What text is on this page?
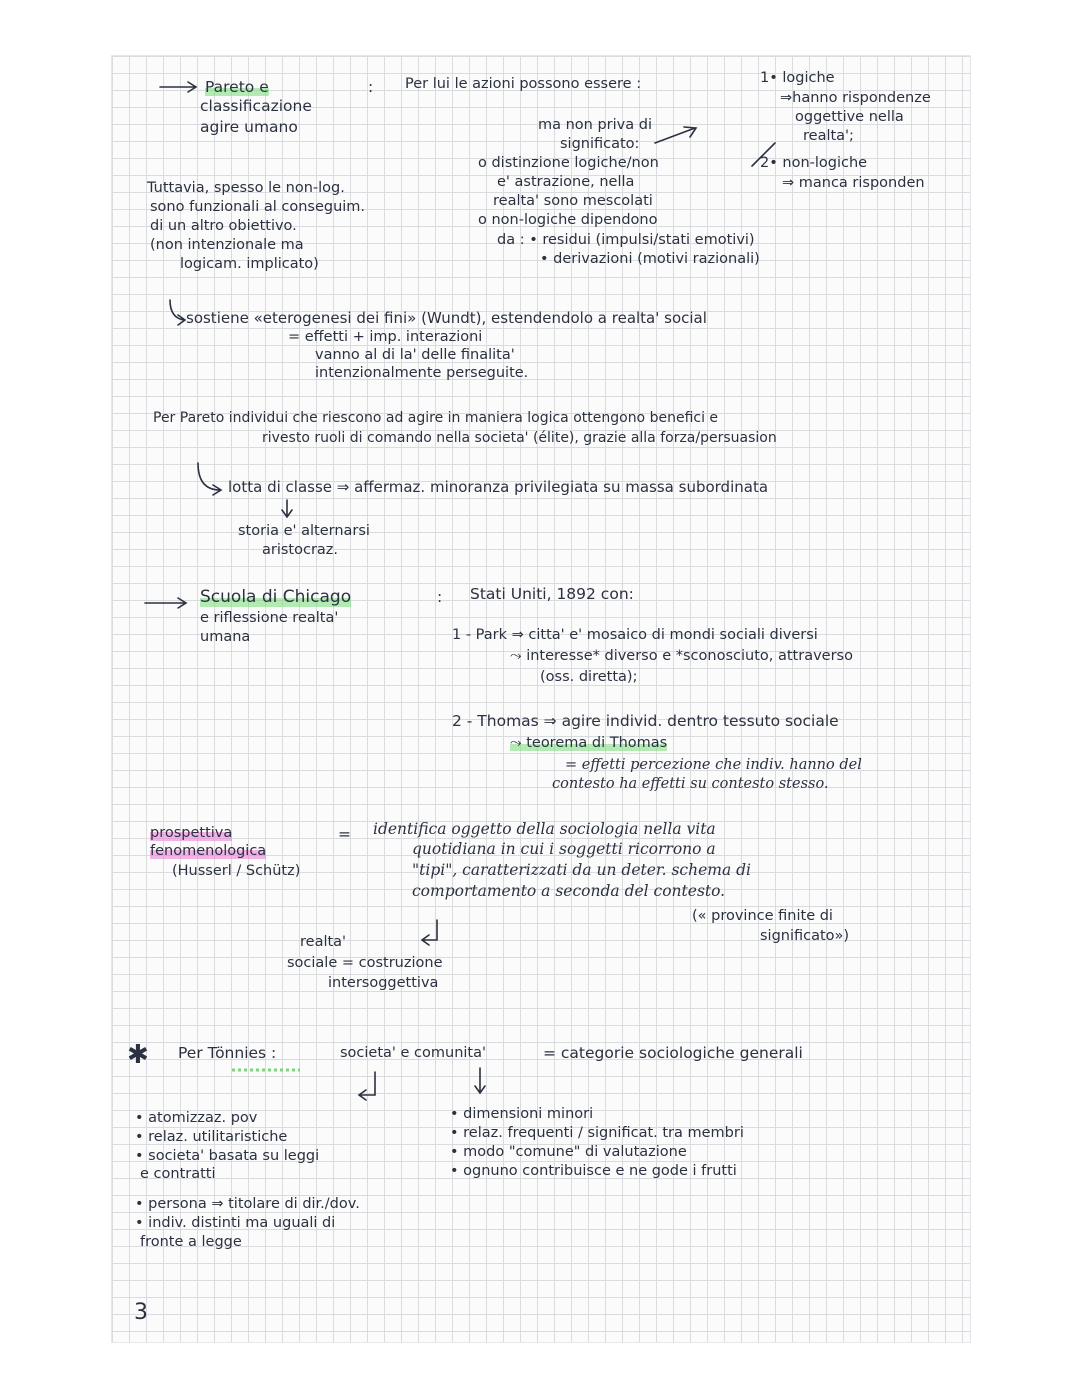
Pareto e
classificazione
agire umano
: Per lui le azioni possono essere :	1• logiche
⇒hanno rispondenze
oggettive nella
realta';
2• non-logiche
⇒ manca risponden
ma non priva di
significato:
o distinzione logiche/non
e' astrazione, nella
realta' sono mescolati
o non-logiche dipendono
da : • residui (impulsi/stati emotivi)
• derivazioni (motivi razionali)
Tuttavia, spesso le non-log.
sono funzionali al conseguim.
di un altro obiettivo.
(non intenzionale ma
logicam. implicato)
sostiene «eterogenesi dei fini» (Wundt), estendendolo a realta' social
= effetti + imp. interazioni
vanno al di la' delle finalita'
intenzionalmente perseguite.
Per Pareto individui che riescono ad agire in maniera logica ottengono benefici e
rivesto ruoli di comando nella societa' (élite), grazie alla forza/persuasion
lotta di classe ⇒ affermaz. minoranza privilegiata su massa subordinata
storia e' alternarsi
aristocraz.
Scuola di Chicago
e riflessione realta'
umana
: Stati Uniti, 1892 con:
1 - Park ⇒ citta' e' mosaico di mondi sociali diversi
⤳ interesse* diverso e *sconosciuto, attraverso
(oss. diretta);
2 - Thomas ⇒ agire individ. dentro tessuto sociale
⤳ teorema di Thomas
= effetti percezione che indiv. hanno del
contesto ha effetti su contesto stesso.
prospettiva
fenomenologica
(Husserl / Schütz)
= identifica oggetto della sociologia nella vita
quotidiana in cui i soggetti ricorrono a
"tipi", caratterizzati da un deter. schema di
comportamento a seconda del contesto.
(« province finite di
significato»)
realta'
sociale = costruzione
intersoggettiva
✱ Per Tönnies :	societa' e comunita'	= categorie sociologiche generali
• atomizzaz. pov
• relaz. utilitaristiche
• societa' basata su leggi
e contratti
• persona ⇒ titolare di dir./dov.
• indiv. distinti ma uguali di
fronte a legge
• dimensioni minori
• relaz. frequenti / significat. tra membri
• modo "comune" di valutazione
• ognuno contribuisce e ne gode i frutti
3
